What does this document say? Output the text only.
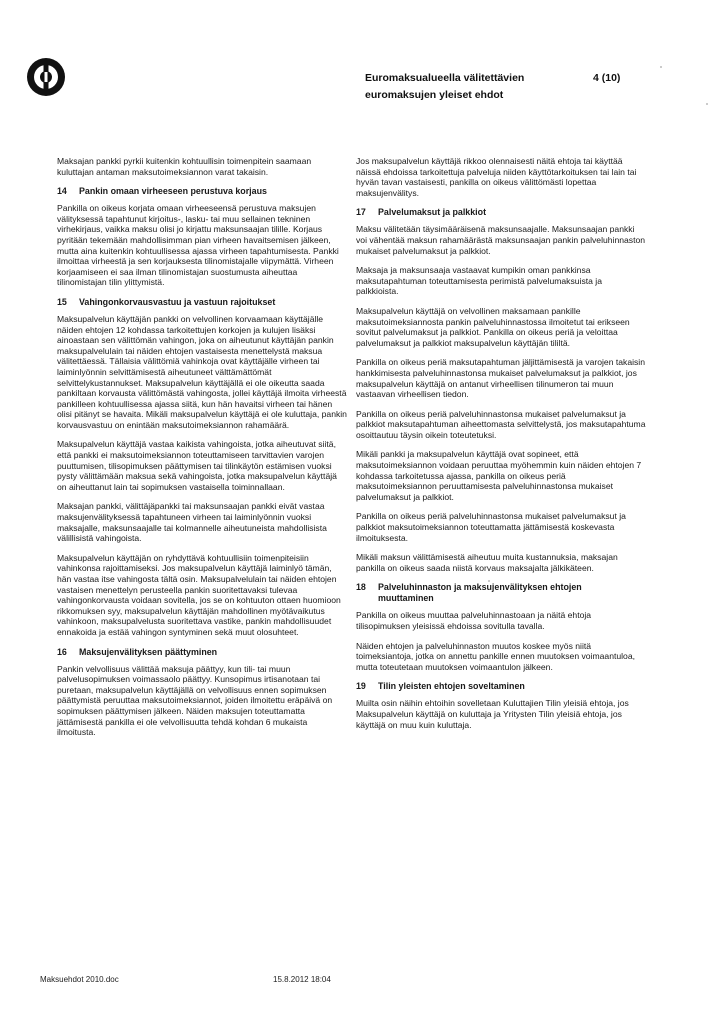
Euromaksualueella välitettävien
euromaksujen yleiset ehdot
4 (10)

Maksajan pankki pyrkii kuitenkin kohtuullisin toimenpitein saamaan kuluttajan antaman maksutoimeksiannon varat takaisin.

14 Pankin omaan virheeseen perustuva korjaus

Pankilla on oikeus korjata omaan virheeseensä perustuva maksujen välityksessä tapahtunut kirjoitus-, lasku- tai muu sellainen tekninen virhekirjaus, vaikka maksu olisi jo kirjattu maksunsaajan tilille. Korjaus pyritään tekemään mahdollisimman pian virheen havaitsemisen jälkeen, mutta aina kuitenkin kohtuullisessa ajassa virheen tapahtumisesta. Pankki ilmoittaa virheestä ja sen korjauksesta tilinomistajalle viipymättä. Virheen korjaamiseen ei saa ilman tilinomistajan suostumusta aiheuttaa tilinomistajan tilin ylittymistä.

15 Vahingonkorvausvastuu ja vastuun rajoitukset

Maksupalvelun käyttäjän pankki on velvollinen korvaamaan käyttäjälle näiden ehtojen 12 kohdassa tarkoitettujen korkojen ja kulujen lisäksi ainoastaan sen välittömän vahingon, joka on aiheutunut käyttäjän pankin maksupalvelulain tai näiden ehtojen vastaisesta menettelystä maksua välitettäessä. Tällaisia välittömiä vahinkoja ovat käyttäjälle virheen tai laiminlyönnin selvittämisestä aiheutuneet välttämättömät selvittelykustannukset. Maksupalvelun käyttäjällä ei ole oikeutta saada pankiltaan korvausta välittömästä vahingosta, jollei käyttäjä ilmoita virheestä pankilleen kohtuullisessa ajassa siitä, kun hän havaitsi virheen tai hänen olisi pitänyt se havaita. Mikäli maksupalvelun käyttäjä ei ole kuluttaja, pankin korvausvastuu on enintään maksutoimeksiannon rahamäärä.

Maksupalvelun käyttäjä vastaa kaikista vahingoista, jotka aiheutuvat siitä, että pankki ei maksutoimeksiannon toteuttamiseen tarvittavien varojen puuttumisen, tilisopimuksen päättymisen tai tilinkäytön estämisen vuoksi pysty välittämään maksua sekä vahingoista, jotka maksupalvelun käyttäjä on aiheuttanut lain tai sopimuksen vastaisella toiminnallaan.

Maksajan pankki, välittäjäpankki tai maksunsaajan pankki eivät vastaa maksujenvälityksessä tapahtuneen virheen tai laiminlyönnin vuoksi maksajalle, maksunsaajalle tai kolmannelle aiheutuneista mahdollisista välillisistä vahingoista.

Maksupalvelun käyttäjän on ryhdyttävä kohtuullisiin toimenpiteisiin vahinkonsa rajoittamiseksi. Jos maksupalvelun käyttäjä laiminlyö tämän, hän vastaa itse vahingosta tältä osin. Maksupalvelulain tai näiden ehtojen vastaisen menettelyn perusteella pankin suoritettavaksi tulevaa vahingonkorvausta voidaan sovitella, jos se on kohtuuton ottaen huomioon rikkomuksen syy, maksupalvelun käyttäjän mahdollinen myötävaikutus vahinkoon, maksupalvelusta suoritettava vastike, pankin mahdollisuudet ennakoida ja estää vahingon syntyminen sekä muut olosuhteet.

16 Maksujenvälityksen päättyminen

Pankin velvollisuus välittää maksuja päättyy, kun tili- tai muun palvelusopimuksen voimassaolo päättyy. Kunsopimus irtisanotaan tai puretaan, maksupalvelun käyttäjällä on velvollisuus ennen sopimuksen päättymistä peruuttaa maksutoimeksiannot, joiden ilmoitettu eräpäivä on sopimuksen päättymisen jälkeen. Näiden maksujen toteuttamatta jättämisestä pankilla ei ole velvollisuutta tehdä kohdan 6 mukaista ilmoitusta.

Jos maksupalvelun käyttäjä rikkoo olennaisesti näitä ehtoja tai käyttää näissä ehdoissa tarkoitettuja palveluja niiden käyttötarkoituksen tai lain tai hyvän tavan vastaisesti, pankilla on oikeus välittömästi lopettaa maksujenvälitys.

17 Palvelumaksut ja palkkiot

Maksu välitetään täysimääräisenä maksunsaajalle. Maksunsaajan pankki voi vähentää maksun rahamäärästä maksunsaajan pankin palveluhinnaston mukaiset palvelumaksut ja palkkiot.

Maksaja ja maksunsaaja vastaavat kumpikin oman pankkinsa maksutapahtuman toteuttamisesta perimistä palvelumaksuista ja palkkioista.

Maksupalvelun käyttäjä on velvollinen maksamaan pankille maksutoimeksiannosta pankin palveluhinnastossa ilmoitetut tai erikseen sovitut palvelumaksut ja palkkiot. Pankilla on oikeus periä ja veloittaa palvelumaksut ja palkkiot maksupalvelun käyttäjän tililtä.

Pankilla on oikeus periä maksutapahtuman jäljittämisestä ja varojen takaisin hankkimisesta palveluhinnastonsa mukaiset palvelumaksut ja palkkiot, jos maksupalvelun käyttäjä on antanut virheellisen tilinumeron tai muun vastaavan virheellisen tiedon.

Pankilla on oikeus periä palveluhinnastonsa mukaiset palvelumaksut ja palkkiot maksutapahtuman aiheettomasta selvittelystä, jos maksutapahtuma osoittautuu täysin oikein toteutetuksi.

Mikäli pankki ja maksupalvelun käyttäjä ovat sopineet, että maksutoimeksiannon voidaan peruuttaa myöhemmin kuin näiden ehtojen 7 kohdassa tarkoitetussa ajassa, pankilla on oikeus periä maksutoimeksiannon peruuttamisesta palveluhinnastonsa mukaiset palvelumaksut ja palkkiot.

Pankilla on oikeus periä palveluhinnastonsa mukaiset palvelumaksut ja palkkiot maksutoimeksiannon toteuttamatta jättämisestä koskevasta ilmoituksesta.

Mikäli maksun välittämisestä aiheutuu muita kustannuksia, maksajan pankilla on oikeus saada niistä korvaus maksajalta jälkikäteen.

18 Palveluhinnaston ja maksujenvälityksen ehtojen
muuttaminen

Pankilla on oikeus muuttaa palveluhinnastoaan ja näitä ehtoja tilisopimuksen yleisissä ehdoissa sovitulla tavalla.

Näiden ehtojen ja palveluhinnaston muutos koskee myös niitä toimeksiantoja, jotka on annettu pankille ennen muutoksen voimaantuloa, mutta toteutetaan muutoksen voimaantulon jälkeen.

19 Tilin yleisten ehtojen soveltaminen

Muilta osin näihin ehtoihin sovelletaan Kuluttajien Tilin yleisiä ehtoja, jos Maksupalvelun käyttäjä on kuluttaja ja Yritysten Tilin yleisiä ehtoja, jos käyttäjä on muu kuin kuluttaja.

Maksuehdot 2010.doc	15.8.2012 18:04
